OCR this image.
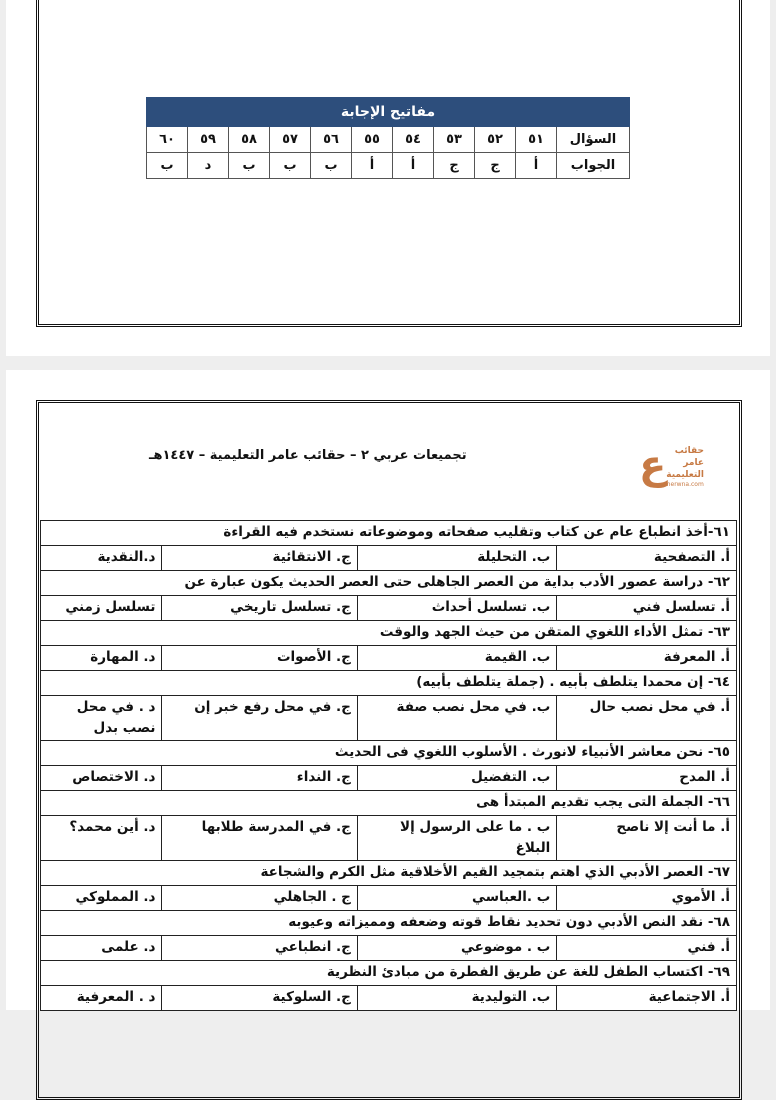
مفاتيح الإجابة										
السؤال	٥١	٥٢	٥٣	٥٤	٥٥	٥٦	٥٧	٥٨	٥٩	٦٠
الجواب	أ	ج	ج	أ	أ	ب	ب	ب	د	ب
ع حقائب عامر التعليمية
amerwna.com
تجميعات عربي ٢ – حقائب عامر التعليمية – ١٤٤٧هـ
٦١-أخذ انطباع عام عن كتاب وتقليب صفحاته وموضوعاته نستخدم فيه القراءة			
أ. التصفحية	ب. التحليلة	ج. الانتقائية	د.النقدية
٦٢- دراسة عصور الأدب بداية من العصر الجاهلى حتى العصر الحديث يكون عبارة عن			
أ. تسلسل فني	ب. تسلسل أحداث	ج. تسلسل تاريخي	تسلسل زمني
٦٣- تمثل الأداء اللغوي المتقن من حيث الجهد والوقت			
أ. المعرفة	ب. القيمة	ج. الأصوات	د. المهارة
٦٤- إن محمدا يتلطف بأبيه . (جملة يتلطف بأبيه)			
أ. في محل نصب حال	ب. في محل نصب صفة	ج. في محل رفع خبر إن	د . في محل نصب بدل
٦٥- نحن معاشر الأنبياء لانورث . الأسلوب اللغوي فى الحديث			
أ. المدح	ب. التفضيل	ج. النداء	د. الاختصاص
٦٦- الجملة التى يجب تقديم المبتدأ هى			
أ. ما أنت إلا ناصح	ب . ما على الرسول إلا البلاغ	ج. في المدرسة طلابها	د. أين محمد؟
٦٧- العصر الأدبي الذي اهتم بتمجيد القيم الأخلاقية مثل الكرم والشجاعة			
أ. الأموي	ب .العباسي	ج . الجاهلي	د. المملوكي
٦٨- نقد النص الأدبي دون تحديد نقاط قوته وضعفه ومميزاته وعيوبه			
أ. فني	ب . موضوعي	ج. انطباعي	د. علمى
٦٩- اكتساب الطفل للغة عن طريق الفطرة من مبادئ النظرية			
أ. الاجتماعية	ب. التوليدية	ج. السلوكية	د . المعرفية
